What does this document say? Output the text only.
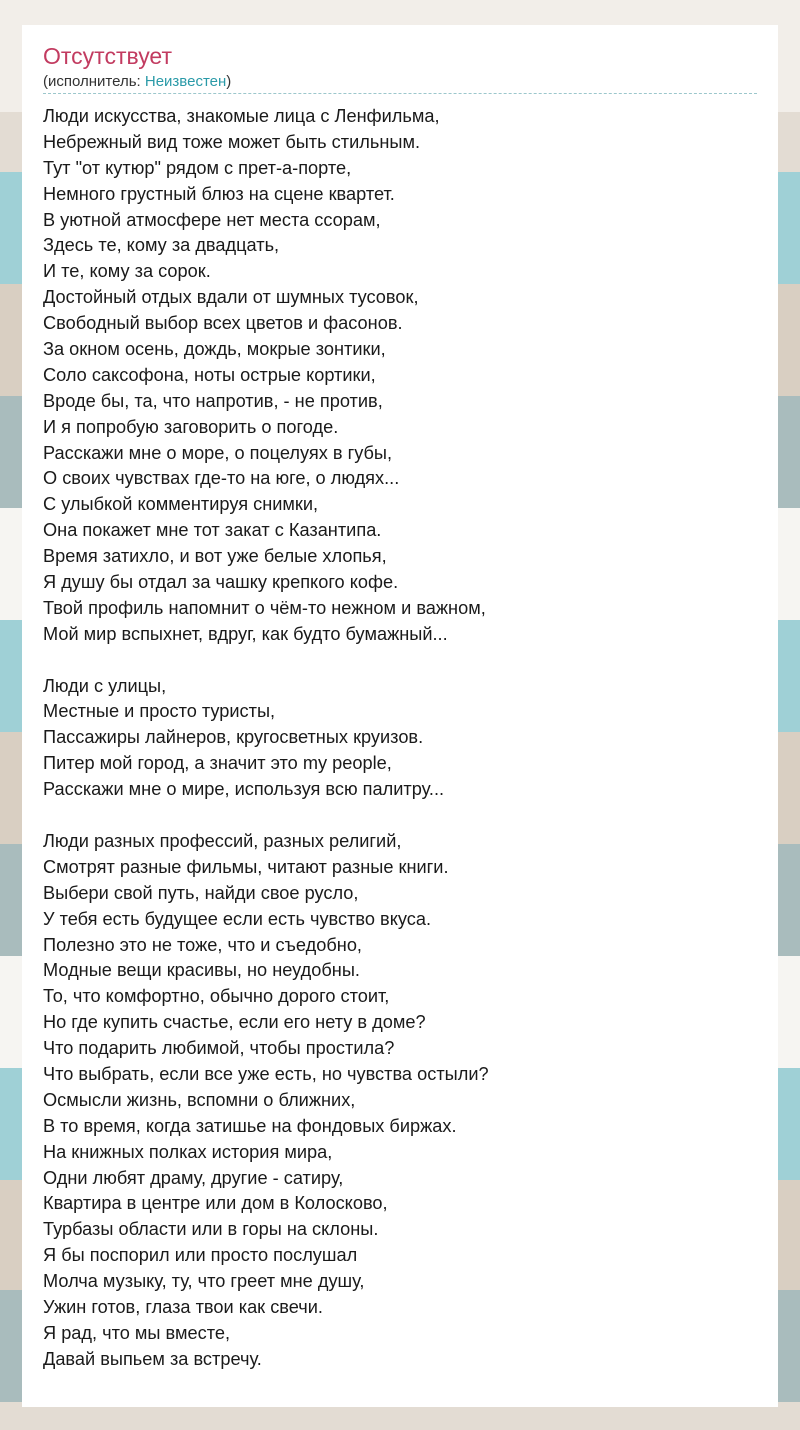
Отсутствует
(исполнитель: Неизвестен)
Люди искусства, знакомые лица с Ленфильма,
Небрежный вид тоже может быть стильным.
Тут "от кутюр" рядом с прет-а-порте,
Немного грустный блюз на сцене квартет.
В уютной атмосфере нет места ссорам,
Здесь те, кому за двадцать,
И те, кому за сорок.
Достойный отдых вдали от шумных тусовок,
Свободный выбор всех цветов и фасонов.
За окном осень, дождь, мокрые зонтики,
Соло саксофона, ноты острые кортики,
Вроде бы, та, что напротив, - не против,
И я попробую заговорить о погоде.
Расскажи мне о море, о поцелуях в губы,
О своих чувствах где-то на юге, о людях...
С улыбкой комментируя снимки,
Она покажет мне тот закат с Казантипа.
Время затихло, и вот уже белые хлопья,
Я душу бы отдал за чашку крепкого кофе.
Твой профиль напомнит о чём-то нежном и важном,
Мой мир вспыхнет, вдруг, как будто бумажный...
Люди с улицы,
Местные и просто туристы,
Пассажиры лайнеров, кругосветных круизов.
Питер мой город, а значит это my people,
Расскажи мне о мире, используя всю палитру...
Люди разных профессий, разных религий,
Смотрят разные фильмы, читают разные книги.
Выбери свой путь, найди свое русло,
У тебя есть будущее если есть чувство вкуса.
Полезно это не тоже, что и съедобно,
Модные вещи красивы, но неудобны.
То, что комфортно, обычно дорого стоит,
Но где купить счастье, если его нету в доме?
Что подарить любимой, чтобы простила?
Что выбрать, если все уже есть, но чувства остыли?
Осмысли жизнь, вспомни о ближних,
В то время, когда затишье на фондовых биржах.
На книжных полках история мира,
Одни любят драму, другие - сатиру,
Квартира в центре или дом в Колосково,
Турбазы области или в горы на склоны.
Я бы поспорил или просто послушал
Молча музыку, ту, что греет мне душу,
Ужин готов, глаза твои как свечи.
Я рад, что мы вместе,
Давай выпьем за встречу.
